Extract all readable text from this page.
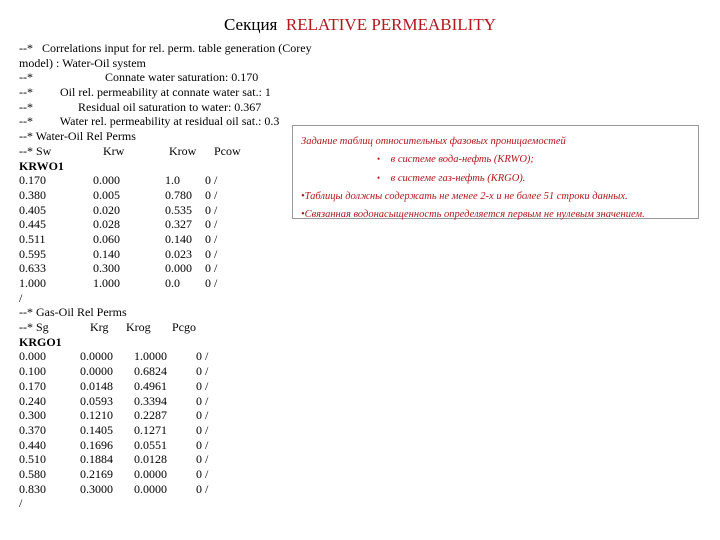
Секция RELATIVE PERMEABILITY
--*   Correlations input for rel. perm. table generation (Corey
model) : Water-Oil system
--*                        Connate water saturation: 0.170
--*         Oil rel. permeability at connate water sat.: 1
--*               Residual oil saturation to water: 0.367
--*         Water rel. permeability at residual oil sat.: 0.3
--* Water-Oil Rel Perms
--* Sw	Krw	Krow Pcow
KRWO1
0.170	0.000	1.0 0 /
0.380	0.005	0.780 0 /
0.405	0.020	0.535 0 /
0.445	0.028	0.327 0 /
0.511	0.060	0.140 0 /
0.595	0.140	0.023 0 /
0.633	0.300	0.000 0 /
1.000	1.000	0.0 0 /
/
--* Gas-Oil Rel Perms
--* Sg	Krg Krog Pcgo
KRGO1
0.000	0.0000 1.0000 0 /
0.100	0.0000 0.6824 0 /
0.170	0.0148 0.4961 0 /
0.240	0.0593 0.3394 0 /
0.300	0.1210 0.2287 0 /
0.370	0.1405 0.1271 0 /
0.440	0.1696 0.0551 0 /
0.510	0.1884 0.0128 0 /
0.580	0.2169 0.0000 0 /
0.830	0.3000 0.0000 0 /
/
Задание таблиц относительных фазовых проницаемостей
• в системе вода-нефть (KRWO);
• в системе газ-нефть (KRGO).
•Таблицы должны содержать не менее 2-х и не более 51 строки данных.
•Связанная водонасыщенность определяется первым не нулевым значением.
